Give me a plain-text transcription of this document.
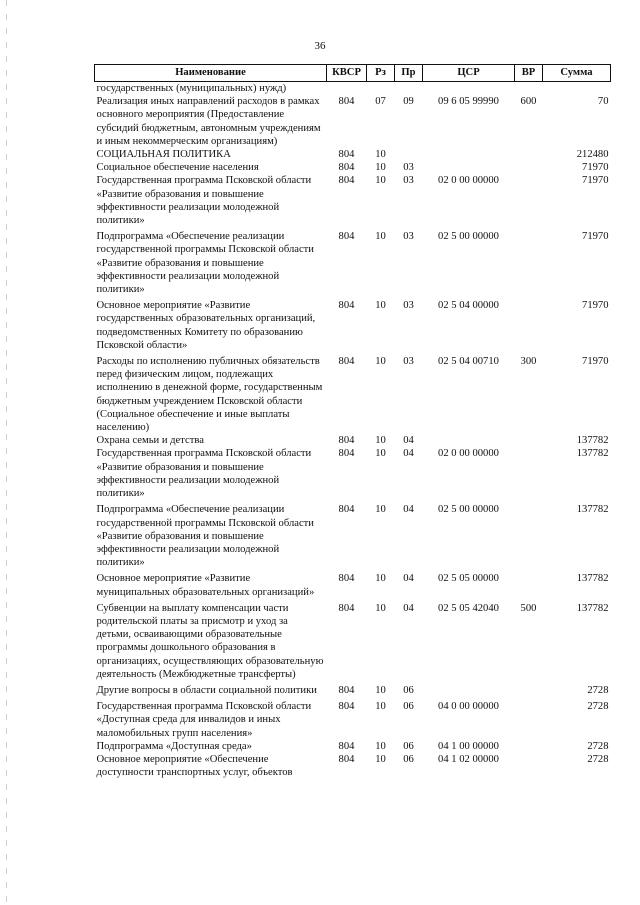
36
Наименование	КВСР	Рз	Пр	ЦСР	ВР	Сумма
государственных (муниципальных) нужд)						
Реализация иных направлений расходов в рамках основного мероприятия (Предоставление субсидий бюджетным, автономным учреждениям и иным некоммерческим организациям)	804	07	09	09 6 05 99990	600	70
СОЦИАЛЬНАЯ ПОЛИТИКА	804	10				212480
Социальное обеспечение населения	804	10	03			71970
Государственная программа Псковской области «Развитие образования и повышение эффективности реализации молодежной политики»	804	10	03	02 0 00 00000		71970
Подпрограмма «Обеспечение реализации государственной программы Псковской области «Развитие образования и повышение эффективности реализации молодежной политики»	804	10	03	02 5 00 00000		71970
Основное мероприятие «Развитие государственных образовательных организаций, подведомственных Комитету по образованию Псковской области»	804	10	03	02 5 04 00000		71970
Расходы по исполнению публичных обязательств перед физическим лицом, подлежащих исполнению в денежной форме, государственным бюджетным учреждением Псковской области (Социальное обеспечение и иные выплаты населению)	804	10	03	02 5 04 00710	300	71970
Охрана семьи и детства	804	10	04			137782
Государственная программа Псковской области «Развитие образования и повышение эффективности реализации молодежной политики»	804	10	04	02 0 00 00000		137782
Подпрограмма «Обеспечение реализации государственной программы Псковской области «Развитие образования и повышение эффективности реализации молодежной политики»	804	10	04	02 5 00 00000		137782
Основное мероприятие «Развитие муниципальных образовательных организаций»	804	10	04	02 5 05 00000		137782
Субвенции на выплату компенсации части родительской платы за присмотр и уход за детьми, осваивающими образовательные программы дошкольного образования в организациях, осуществляющих образовательную деятельность (Межбюджетные трансферты)	804	10	04	02 5 05 42040	500	137782
Другие вопросы в области социальной политики	804	10	06			2728
Государственная программа Псковской области «Доступная среда для инвалидов и иных маломобильных групп населения»	804	10	06	04 0 00 00000		2728
Подпрограмма «Доступная среда»	804	10	06	04 1 00 00000		2728
Основное мероприятие «Обеспечение доступности транспортных услуг, объектов	804	10	06	04 1 02 00000		2728
